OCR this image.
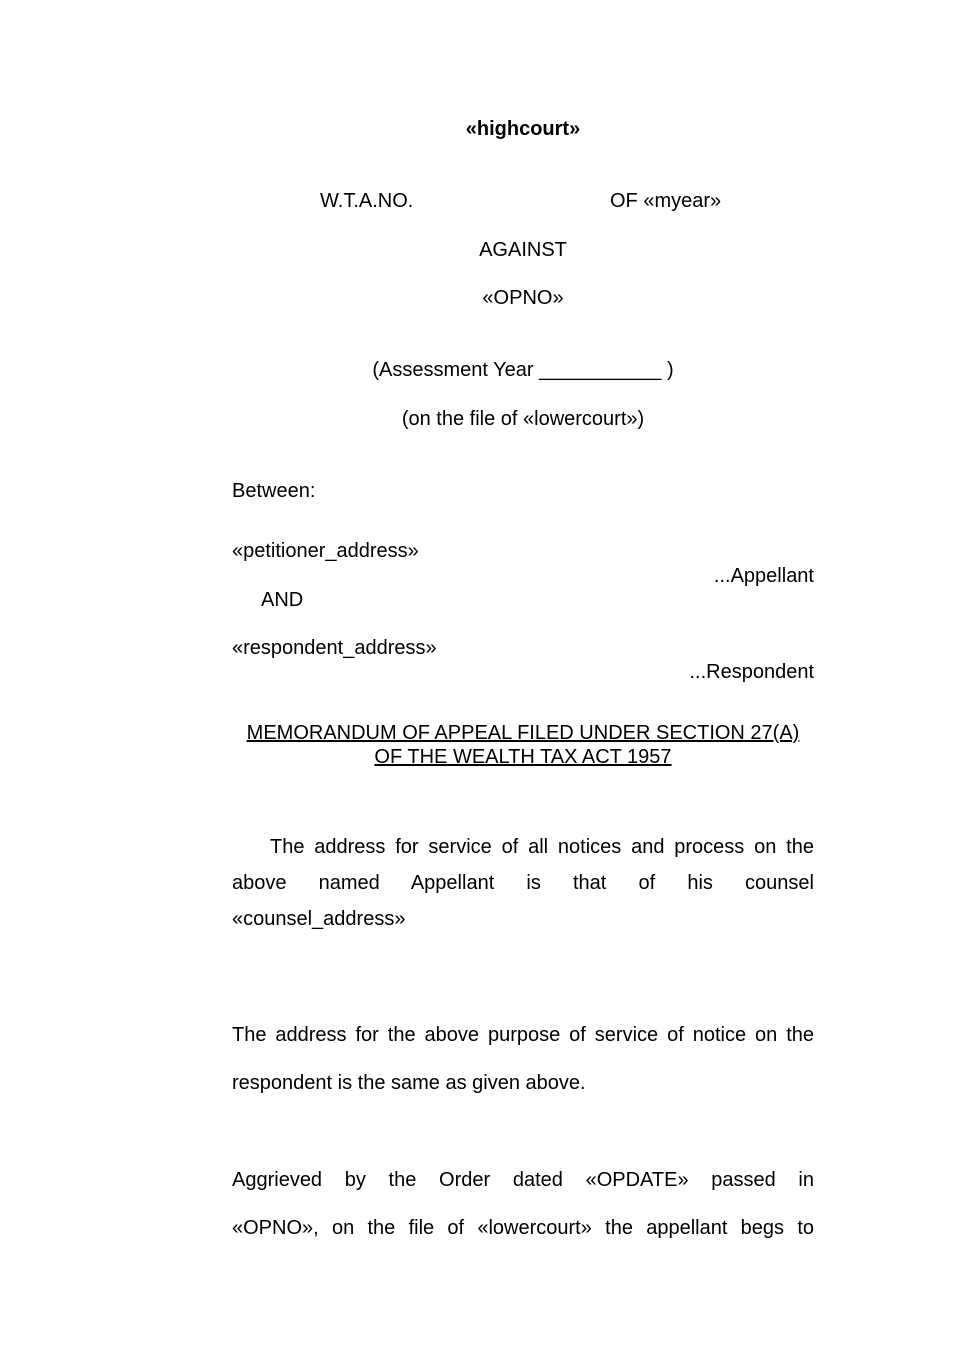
«highcourt»
W.T.A.NO.	OF «myear»
AGAINST
«OPNO»
(Assessment Year ___________ )
(on the file of «lowercourt»)
Between:
«petitioner_address»
...Appellant
AND
«respondent_address»
...Respondent
MEMORANDUM OF APPEAL FILED UNDER SECTION 27(A)
OF THE WEALTH TAX ACT 1957
The address for service of all notices and process on the
above named Appellant is that of his counsel
«counsel_address»
The address for the above purpose of service of notice on the
respondent is the same as given above.
Aggrieved by the Order dated «OPDATE» passed in
«OPNO», on the file of «lowercourt» the appellant begs to
